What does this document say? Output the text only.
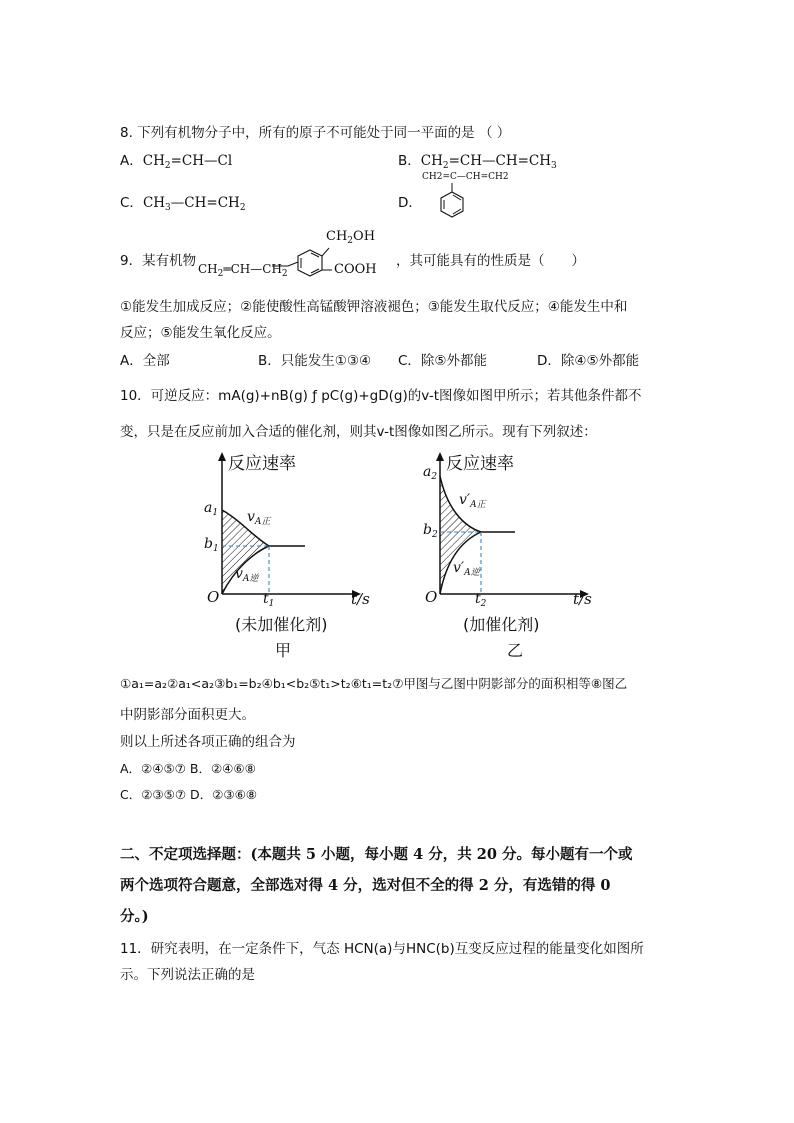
8. 下列有机物分子中，所有的原子不可能处于同一平面的是 （ ）
A．$CH_2=CH—Cl$	B．$CH_2=CH—CH=CH_3$
C．$CH_3—CH=CH_2$	D．
CH2=C—CH=CH2
9．某有机物
$CH_2OH$
$CH_2═CH—CH_2$	COOH
，其可能具有的性质是（　　）
①能发生加成反应；②能使酸性高锰酸钾溶液褪色；③能发生取代反应；④能发生中和
反应；⑤能发生氧化反应。
A．全部	B．只能发生①③④ C．除⑤外都能	D．除④⑤外都能
10．可逆反应：mA(g)+nB(g) ƒ pC(g)+gD(g)的v-t图像如图甲所示；若其他条件都不
变，只是在反应前加入合适的催化剂，则其v-t图像如图乙所示。现有下列叙述：
反应速率
$a_1$
$b_1$
$v_{A正}$
$v_{A逆}$
O	$t_1$	t/s
(未加催化剂)
甲
反应速率
$a_2$
$b_2$
$v'_{A正}$
$v'_{A逆}$
O	$t_2$	t/s
(加催化剂)
乙
①a₁=a₂②a₁<a₂③b₁=b₂④b₁<b₂⑤t₁>t₂⑥t₁=t₂⑦甲图与乙图中阴影部分的面积相等⑧图乙
中阴影部分面积更大。
则以上所述各项正确的组合为
A．②④⑤⑦ B．②④⑥⑧
C．②③⑤⑦ D．②③⑥⑧
二、不定项选择题：(本题共 5 小题，每小题 4 分，共 20 分。每小题有一个或
两个选项符合题意，全部选对得 4 分，选对但不全的得 2 分，有选错的得 0
分。)
11．研究表明，在一定条件下，气态 HCN(a)与HNC(b)互变反应过程的能量变化如图所
示。下列说法正确的是
